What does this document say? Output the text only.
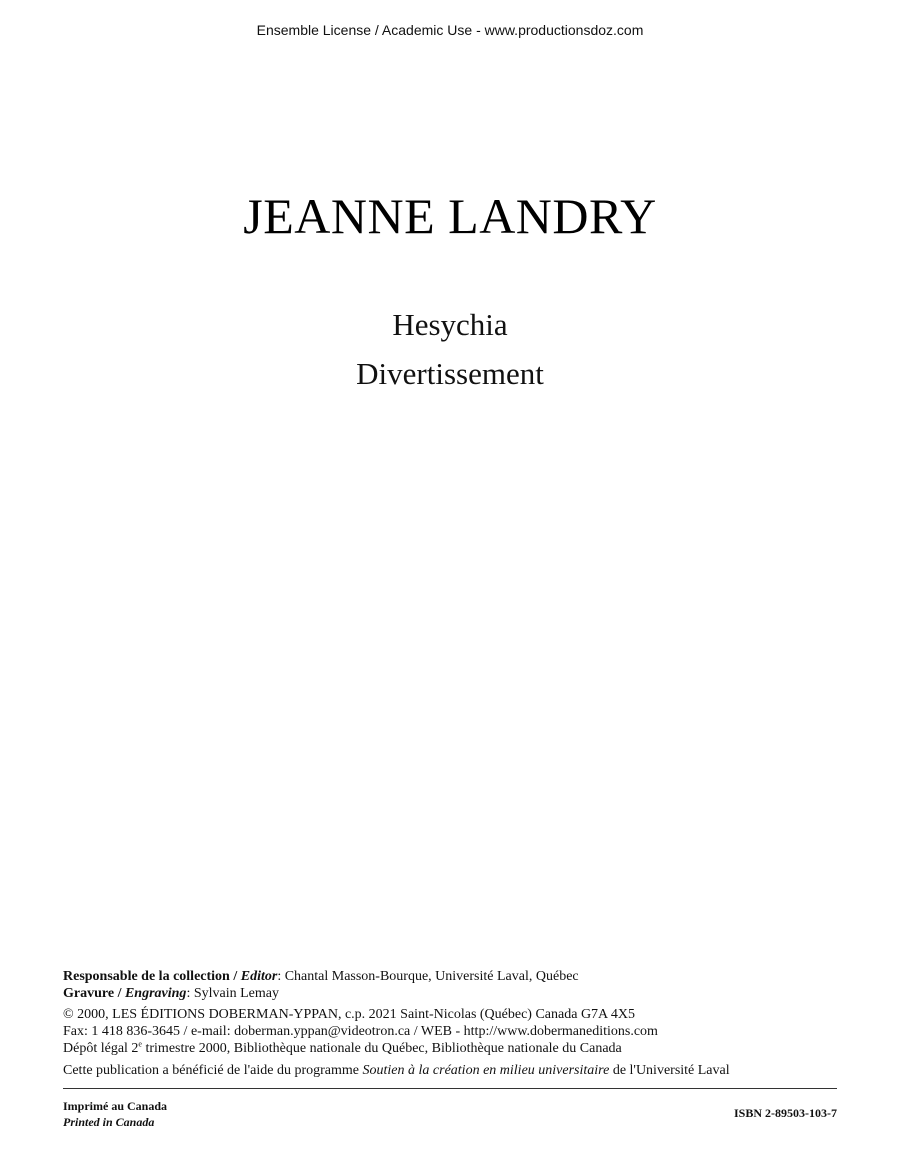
Ensemble License / Academic Use - www.productionsdoz.com
JEANNE LANDRY
Hesychia
Divertissement

Responsable de la collection / Editor: Chantal Masson-Bourque, Université Laval, Québec

Gravure / Engraving: Sylvain Lemay

© 2000, LES ÉDITIONS DOBERMAN-YPPAN, c.p. 2021 Saint-Nicolas (Québec) Canada G7A 4X5

Fax: 1 418 836-3645 / e-mail: doberman.yppan@videotron.ca / WEB - http://www.dobermaneditions.com

Dépôt légal 2e trimestre 2000, Bibliothèque nationale du Québec, Bibliothèque nationale du Canada

Cette publication a bénéficié de l'aide du programme Soutien à la création en milieu universitaire de l'Université Laval

Imprimé au Canada
Printed in Canada
ISBN 2-89503-103-7
